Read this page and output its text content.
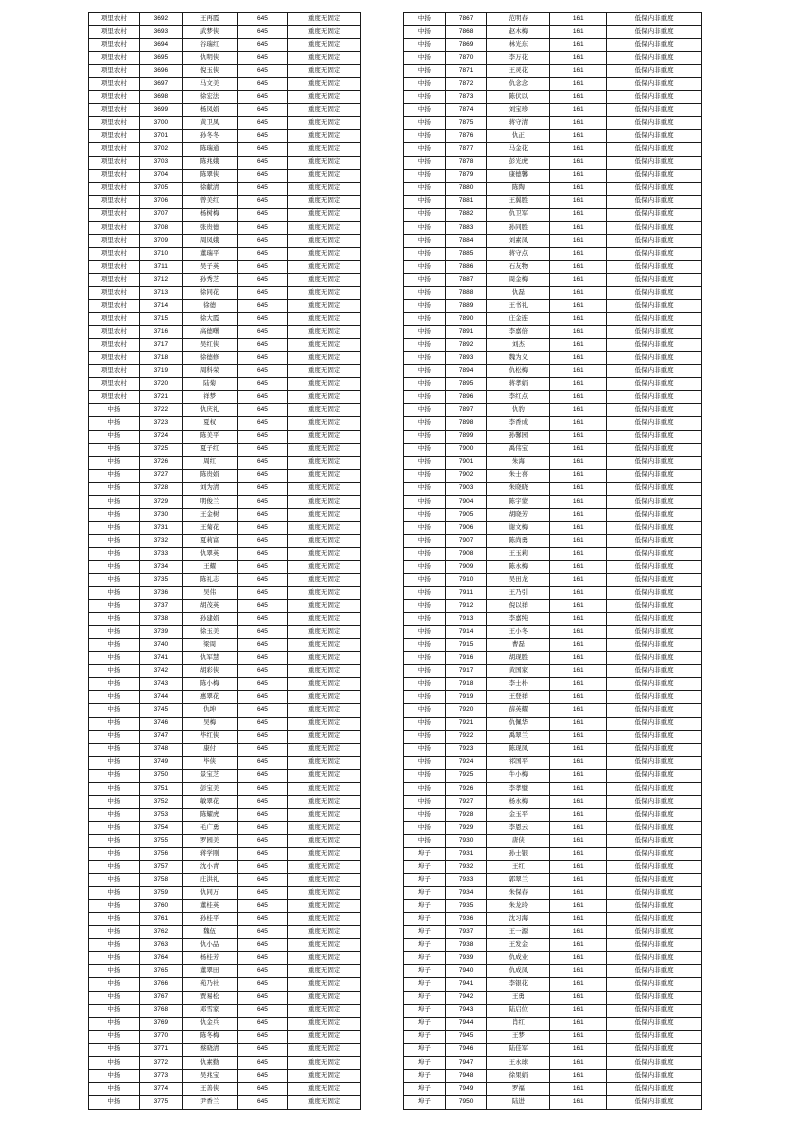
项里农村	3692	王再霞	645	重度无固定
项里农村	3693	武梦侠	645	重度无固定
项里农村	3694	谷瑞红	645	重度无固定
项里农村	3695	仇明侠	645	重度无固定
项里农村	3696	倪玉侠	645	重度无固定
项里农村	3697	马文美	645	重度无固定
项里农村	3698	徐宏法	645	重度无固定
项里农村	3699	杨凤娟	645	重度无固定
项里农村	3700	黄卫凤	645	重度无固定
项里农村	3701	孙冬冬	645	重度无固定
项里农村	3702	陈瑞通	645	重度无固定
项里农村	3703	陈兆娥	645	重度无固定
项里农村	3704	陈翠侠	645	重度无固定
项里农村	3705	徐献清	645	重度无固定
项里农村	3706	曾美红	645	重度无固定
项里农村	3707	杨树梅	645	重度无固定
项里农村	3708	张贵德	645	重度无固定
项里农村	3709	周凤娥	645	重度无固定
项里农村	3710	董瑞平	645	重度无固定
项里农村	3711	吴子英	645	重度无固定
项里农村	3712	孙秀芝	645	重度无固定
项里农村	3713	徐同花	645	重度无固定
项里农村	3714	徐德	645	重度无固定
项里农村	3715	徐大霞	645	重度无固定
项里农村	3716	高德曙	645	重度无固定
项里农村	3717	吴红侠	645	重度无固定
项里农村	3718	徐德修	645	重度无固定
项里农村	3719	周科荣	645	重度无固定
项里农村	3720	陆菊	645	重度无固定
项里农村	3721	祥梦	645	重度无固定
中扬	3722	仇庆礼	645	重度无固定
中扬	3723	夏权	645	重度无固定
中扬	3724	陈美平	645	重度无固定
中扬	3725	夏子红	645	重度无固定
中扬	3726	周红	645	重度无固定
中扬	3727	陈贵娟	645	重度无固定
中扬	3728	刘为清	645	重度无固定
中扬	3729	明俊兰	645	重度无固定
中扬	3730	王金树	645	重度无固定
中扬	3731	王菊花	645	重度无固定
中扬	3732	夏莉富	645	重度无固定
中扬	3733	仇翠英	645	重度无固定
中扬	3734	王耀	645	重度无固定
中扬	3735	陈礼志	645	重度无固定
中扬	3736	吴伟	645	重度无固定
中扬	3737	胡茂英	645	重度无固定
中扬	3738	孙建娟	645	重度无固定
中扬	3739	徐玉美	645	重度无固定
中扬	3740	梁周	645	重度无固定
中扬	3741	仇军慧	645	重度无固定
中扬	3742	胡彩侠	645	重度无固定
中扬	3743	陈小梅	645	重度无固定
中扬	3744	惠翠花	645	重度无固定
中扬	3745	仇坤	645	重度无固定
中扬	3746	吴梅	645	重度无固定
中扬	3747	毕红侠	645	重度无固定
中扬	3748	康付	645	重度无固定
中扬	3749	毕侠	645	重度无固定
中扬	3750	景宝芝	645	重度无固定
中扬	3751	彭宝美	645	重度无固定
中扬	3752	敏翠花	645	重度无固定
中扬	3753	陈耀虎	645	重度无固定
中扬	3754	毛广勇	645	重度无固定
中扬	3755	罗园美	645	重度无固定
中扬	3756	蒋学刚	645	重度无固定
中扬	3757	沈小青	645	重度无固定
中扬	3758	庄洪礼	645	重度无固定
中扬	3759	仇同万	645	重度无固定
中扬	3760	董桂英	645	重度无固定
中扬	3761	孙桂平	645	重度无固定
中扬	3762	魏伍	645	重度无固定
中扬	3763	仇小品	645	重度无固定
中扬	3764	杨桂芳	645	重度无固定
中扬	3765	董翠田	645	重度无固定
中扬	3766	苑乃社	645	重度无固定
中扬	3767	贾易松	645	重度无固定
中扬	3768	邓雪家	645	重度无固定
中扬	3769	仇金兵	645	重度无固定
中扬	3770	陈冬梅	645	重度无固定
中扬	3771	蔡晓清	645	重度无固定
中扬	3772	仇素勤	645	重度无固定
中扬	3773	吴兆宝	645	重度无固定
中扬	3774	王善侠	645	重度无固定
中扬	3775	尹香兰	645	重度无固定
中扬	7867	范明春	161	低保内非重度
中扬	7868	赵木梅	161	低保内非重度
中扬	7869	林光东	161	低保内非重度
中扬	7870	李万花	161	低保内非重度
中扬	7871	王灵花	161	低保内非重度
中扬	7872	仇念念	161	低保内非重度
中扬	7873	陈伏以	161	低保内非重度
中扬	7874	刘宝珍	161	低保内非重度
中扬	7875	蒋守清	161	低保内非重度
中扬	7876	仇正	161	低保内非重度
中扬	7877	马金花	161	低保内非重度
中扬	7878	彭光虎	161	低保内非重度
中扬	7879	康德馨	161	低保内非重度
中扬	7880	陈陶	161	低保内非重度
中扬	7881	王翼胜	161	低保内非重度
中扬	7882	仇卫军	161	低保内非重度
中扬	7883	孙同胜	161	低保内非重度
中扬	7884	刘素凤	161	低保内非重度
中扬	7885	蒋守点	161	低保内非重度
中扬	7886	石友物	161	低保内非重度
中扬	7887	周金梅	161	低保内非重度
中扬	7888	仇磊	161	低保内非重度
中扬	7889	王书礼	161	低保内非重度
中扬	7890	庄金连	161	低保内非重度
中扬	7891	李嘉倍	161	低保内非重度
中扬	7892	刘杰	161	低保内非重度
中扬	7893	魏为义	161	低保内非重度
中扬	7894	仇松梅	161	低保内非重度
中扬	7895	蒋孝娟	161	低保内非重度
中扬	7896	李红点	161	低保内非重度
中扬	7897	仇豹	161	低保内非重度
中扬	7898	李香成	161	低保内非重度
中扬	7899	孙馨园	161	低保内非重度
中扬	7900	禹伟宝	161	低保内非重度
中扬	7901	朱海	161	低保内非重度
中扬	7902	朱士喜	161	低保内非重度
中扬	7903	朱晓晓	161	低保内非重度
中扬	7904	陈宇蒙	161	低保内非重度
中扬	7905	胡晓芳	161	低保内非重度
中扬	7906	谢文梅	161	低保内非重度
中扬	7907	陈尚勇	161	低保内非重度
中扬	7908	王玉莉	161	低保内非重度
中扬	7909	陈永梅	161	低保内非重度
中扬	7910	吴田龙	161	低保内非重度
中扬	7911	王乃引	161	低保内非重度
中扬	7912	倪以祥	161	低保内非重度
中扬	7913	李嘉纯	161	低保内非重度
中扬	7914	王小冬	161	低保内非重度
中扬	7915	曹磊	161	低保内非重度
中扬	7916	胡现胜	161	低保内非重度
中扬	7917	黄国家	161	低保内非重度
中扬	7918	李士朴	161	低保内非重度
中扬	7919	王登祥	161	低保内非重度
中扬	7920	薛英耀	161	低保内非重度
中扬	7921	仇佩华	161	低保内非重度
中扬	7922	禹翠兰	161	低保内非重度
中扬	7923	陈现凤	161	低保内非重度
中扬	7924	祁国平	161	低保内非重度
中扬	7925	牛小梅	161	低保内非重度
中扬	7926	李孝璧	161	低保内非重度
中扬	7927	杨永梅	161	低保内非重度
中扬	7928	金玉平	161	低保内非重度
中扬	7929	李恩云	161	低保内非重度
中扬	7930	唐侠	161	低保内非重度
埠子	7931	孙士银	161	低保内非重度
埠子	7932	王红	161	低保内非重度
埠子	7933	郭翠兰	161	低保内非重度
埠子	7934	朱保春	161	低保内非重度
埠子	7935	朱龙玲	161	低保内非重度
埠子	7936	沈习海	161	低保内非重度
埠子	7937	王一源	161	低保内非重度
埠子	7938	王发金	161	低保内非重度
埠子	7939	仇成业	161	低保内非重度
埠子	7940	仇成凤	161	低保内非重度
埠子	7941	李银花	161	低保内非重度
埠子	7942	王勇	161	低保内非重度
埠子	7943	陆启位	161	低保内非重度
埠子	7944	肖红	161	低保内非重度
埠子	7945	王梦	161	低保内非重度
埠子	7946	陆佳军	161	低保内非重度
埠子	7947	王永球	161	低保内非重度
埠子	7948	徐果娟	161	低保内非重度
埠子	7949	罗福	161	低保内非重度
埠子	7950	陆进	161	低保内非重度
